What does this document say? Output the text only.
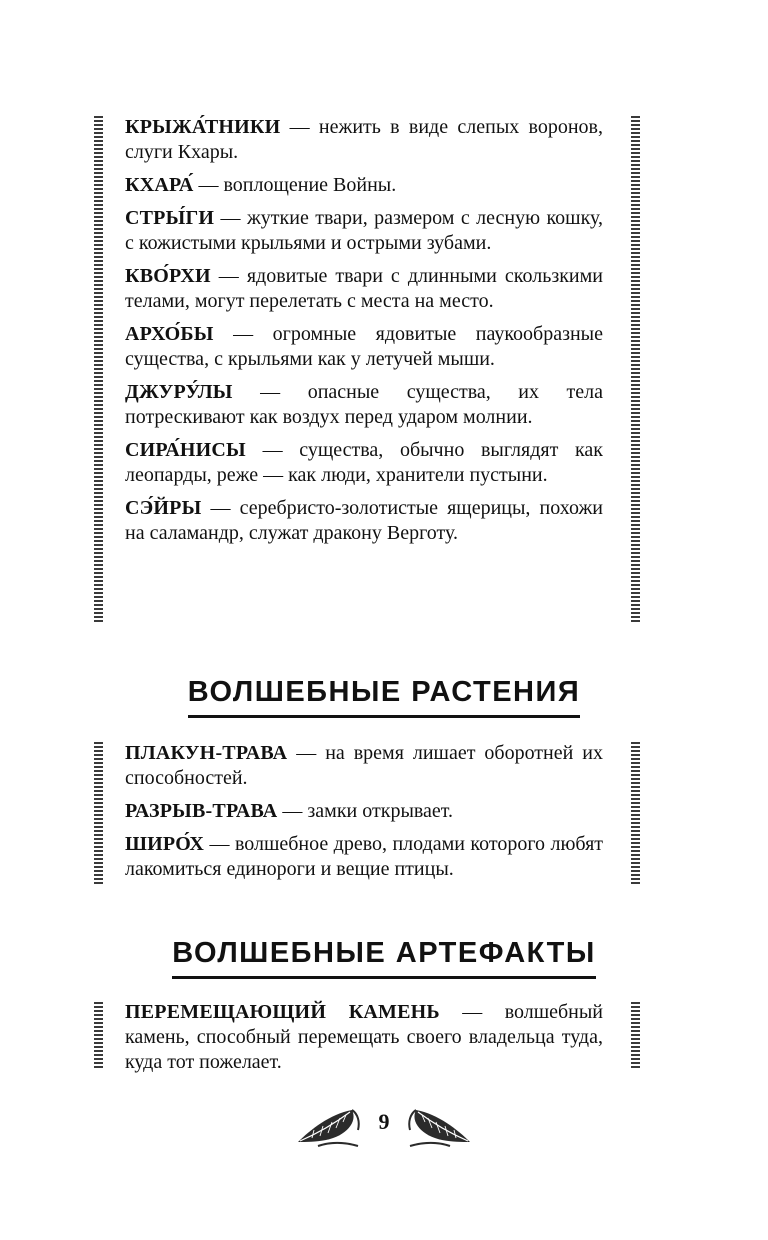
КРЫЖА́ТНИКИ — нежить в виде слепых воронов, слуги Кхары.

КХАРА́ — воплощение Войны.

СТРЫ́ГИ — жуткие твари, размером с лесную кошку, с кожистыми крыльями и острыми зубами.

КВО́РХИ — ядовитые твари с длинными скользкими телами, могут перелетать с места на место.

АРХО́БЫ — огромные ядовитые паукообразные существа, с крыльями как у летучей мыши.

ДЖУРУ́ЛЫ — опасные существа, их тела потрескивают как воздух перед ударом молнии.

СИРА́НИСЫ — существа, обычно выглядят как леопарды, реже — как люди, хранители пустыни.

СЭ́ЙРЫ — серебристо-золотистые ящерицы, похожи на саламандр, служат дракону Верготу.

ВОЛШЕБНЫЕ РАСТЕНИЯ

ПЛАКУН-ТРАВА — на время лишает оборотней их способностей.

РАЗРЫВ-ТРАВА — замки открывает.

ШИРО́Х — волшебное древо, плодами которого любят лакомиться единороги и вещие птицы.

ВОЛШЕБНЫЕ АРТЕФАКТЫ

ПЕРЕМЕЩАЮЩИЙ КАМЕНЬ — волшебный камень, способный перемещать своего владельца туда, куда тот пожелает.

9
